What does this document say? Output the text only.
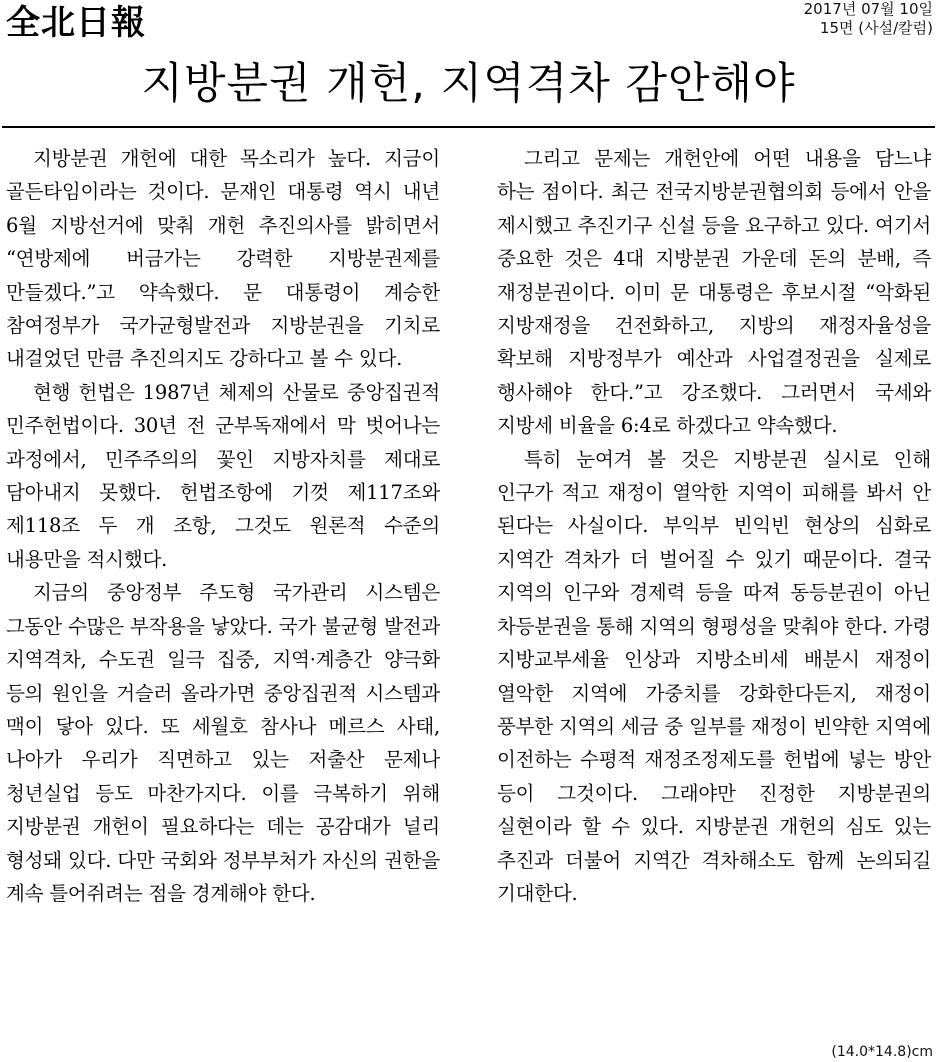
全北日報	2017년 07월 10일
15면 (사설/칼럼)
지방분권 개헌, 지역격차 감안해야

지방분권 개헌에 대한 목소리가 높다. 지금이 골든타임이라는 것이다. 문재인 대통령 역시 내년 6월 지방선거에 맞춰 개헌 추진의사를 밝히면서 “연방제에 버금가는 강력한 지방분권제를 만들겠다.”고 약속했다. 문 대통령이 계승한 참여정부가 국가균형발전과 지방분권을 기치로 내걸었던 만큼 추진의지도 강하다고 볼 수 있다.

현행 헌법은 1987년 체제의 산물로 중앙집권적 민주헌법이다. 30년 전 군부독재에서 막 벗어나는 과정에서, 민주주의의 꽃인 지방자치를 제대로 담아내지 못했다. 헌법조항에 기껏 제117조와 제118조 두 개 조항, 그것도 원론적 수준의 내용만을 적시했다.

지금의 중앙정부 주도형 국가관리 시스템은 그동안 수많은 부작용을 낳았다. 국가 불균형 발전과 지역격차, 수도권 일극 집중, 지역·계층간 양극화 등의 원인을 거슬러 올라가면 중앙집권적 시스템과 맥이 닿아 있다. 또 세월호 참사나 메르스 사태, 나아가 우리가 직면하고 있는 저출산 문제나 청년실업 등도 마찬가지다. 이를 극복하기 위해 지방분권 개헌이 필요하다는 데는 공감대가 널리 형성돼 있다. 다만 국회와 정부부처가 자신의 권한을 계속 틀어쥐려는 점을 경계해야 한다.

그리고 문제는 개헌안에 어떤 내용을 담느냐 하는 점이다. 최근 전국지방분권협의회 등에서 안을 제시했고 추진기구 신설 등을 요구하고 있다. 여기서 중요한 것은 4대 지방분권 가운데 돈의 분배, 즉 재정분권이다. 이미 문 대통령은 후보시절 “악화된 지방재정을 건전화하고, 지방의 재정자율성을 확보해 지방정부가 예산과 사업결정권을 실제로 행사해야 한다.”고 강조했다. 그러면서 국세와 지방세 비율을 6:4로 하겠다고 약속했다.

특히 눈여겨 볼 것은 지방분권 실시로 인해 인구가 적고 재정이 열악한 지역이 피해를 봐서 안 된다는 사실이다. 부익부 빈익빈 현상의 심화로 지역간 격차가 더 벌어질 수 있기 때문이다. 결국 지역의 인구와 경제력 등을 따져 동등분권이 아닌 차등분권을 통해 지역의 형평성을 맞춰야 한다. 가령 지방교부세율 인상과 지방소비세 배분시 재정이 열악한 지역에 가중치를 강화한다든지, 재정이 풍부한 지역의 세금 중 일부를 재정이 빈약한 지역에 이전하는 수평적 재정조정제도를 헌법에 넣는 방안 등이 그것이다. 그래야만 진정한 지방분권의 실현이라 할 수 있다. 지방분권 개헌의 심도 있는 추진과 더불어 지역간 격차해소도 함께 논의되길 기대한다.

(14.0*14.8)cm
